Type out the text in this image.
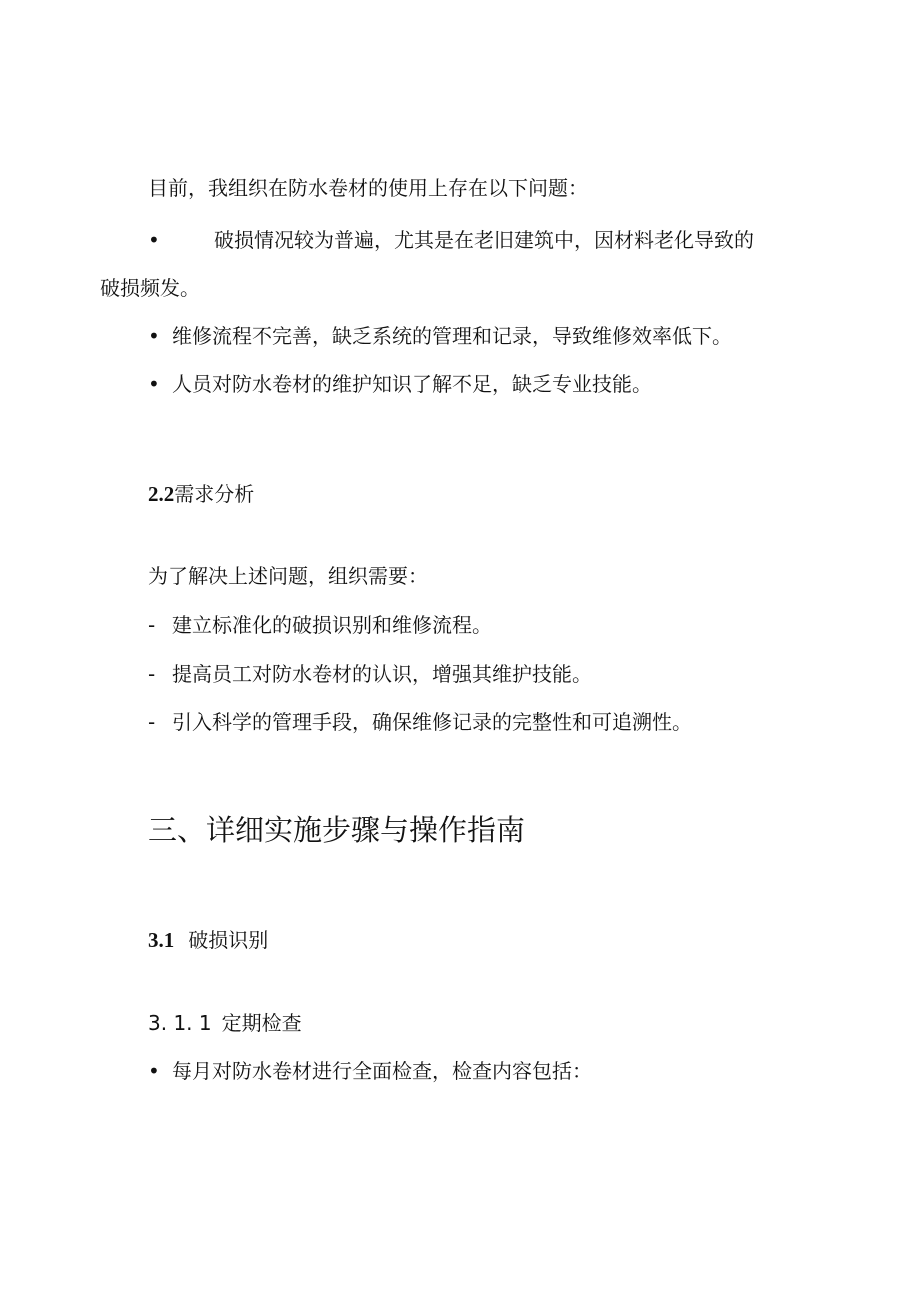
目前，我组织在防水卷材的使用上存在以下问题：
•	破损情况较为普遍，尤其是在老旧建筑中，因材料老化导致的
破损频发。
• 维修流程不完善，缺乏系统的管理和记录，导致维修效率低下。
• 人员对防水卷材的维护知识了解不足，缺乏专业技能。
2.2需求分析
为了解决上述问题，组织需要：
- 建立标准化的破损识别和维修流程。
- 提高员工对防水卷材的认识，增强其维护技能。
- 引入科学的管理手段，确保维修记录的完整性和可追溯性。
三、详细实施步骤与操作指南
3.1 破损识别
3. 1. 1 定期检查
• 每月对防水卷材进行全面检查，检查内容包括：
